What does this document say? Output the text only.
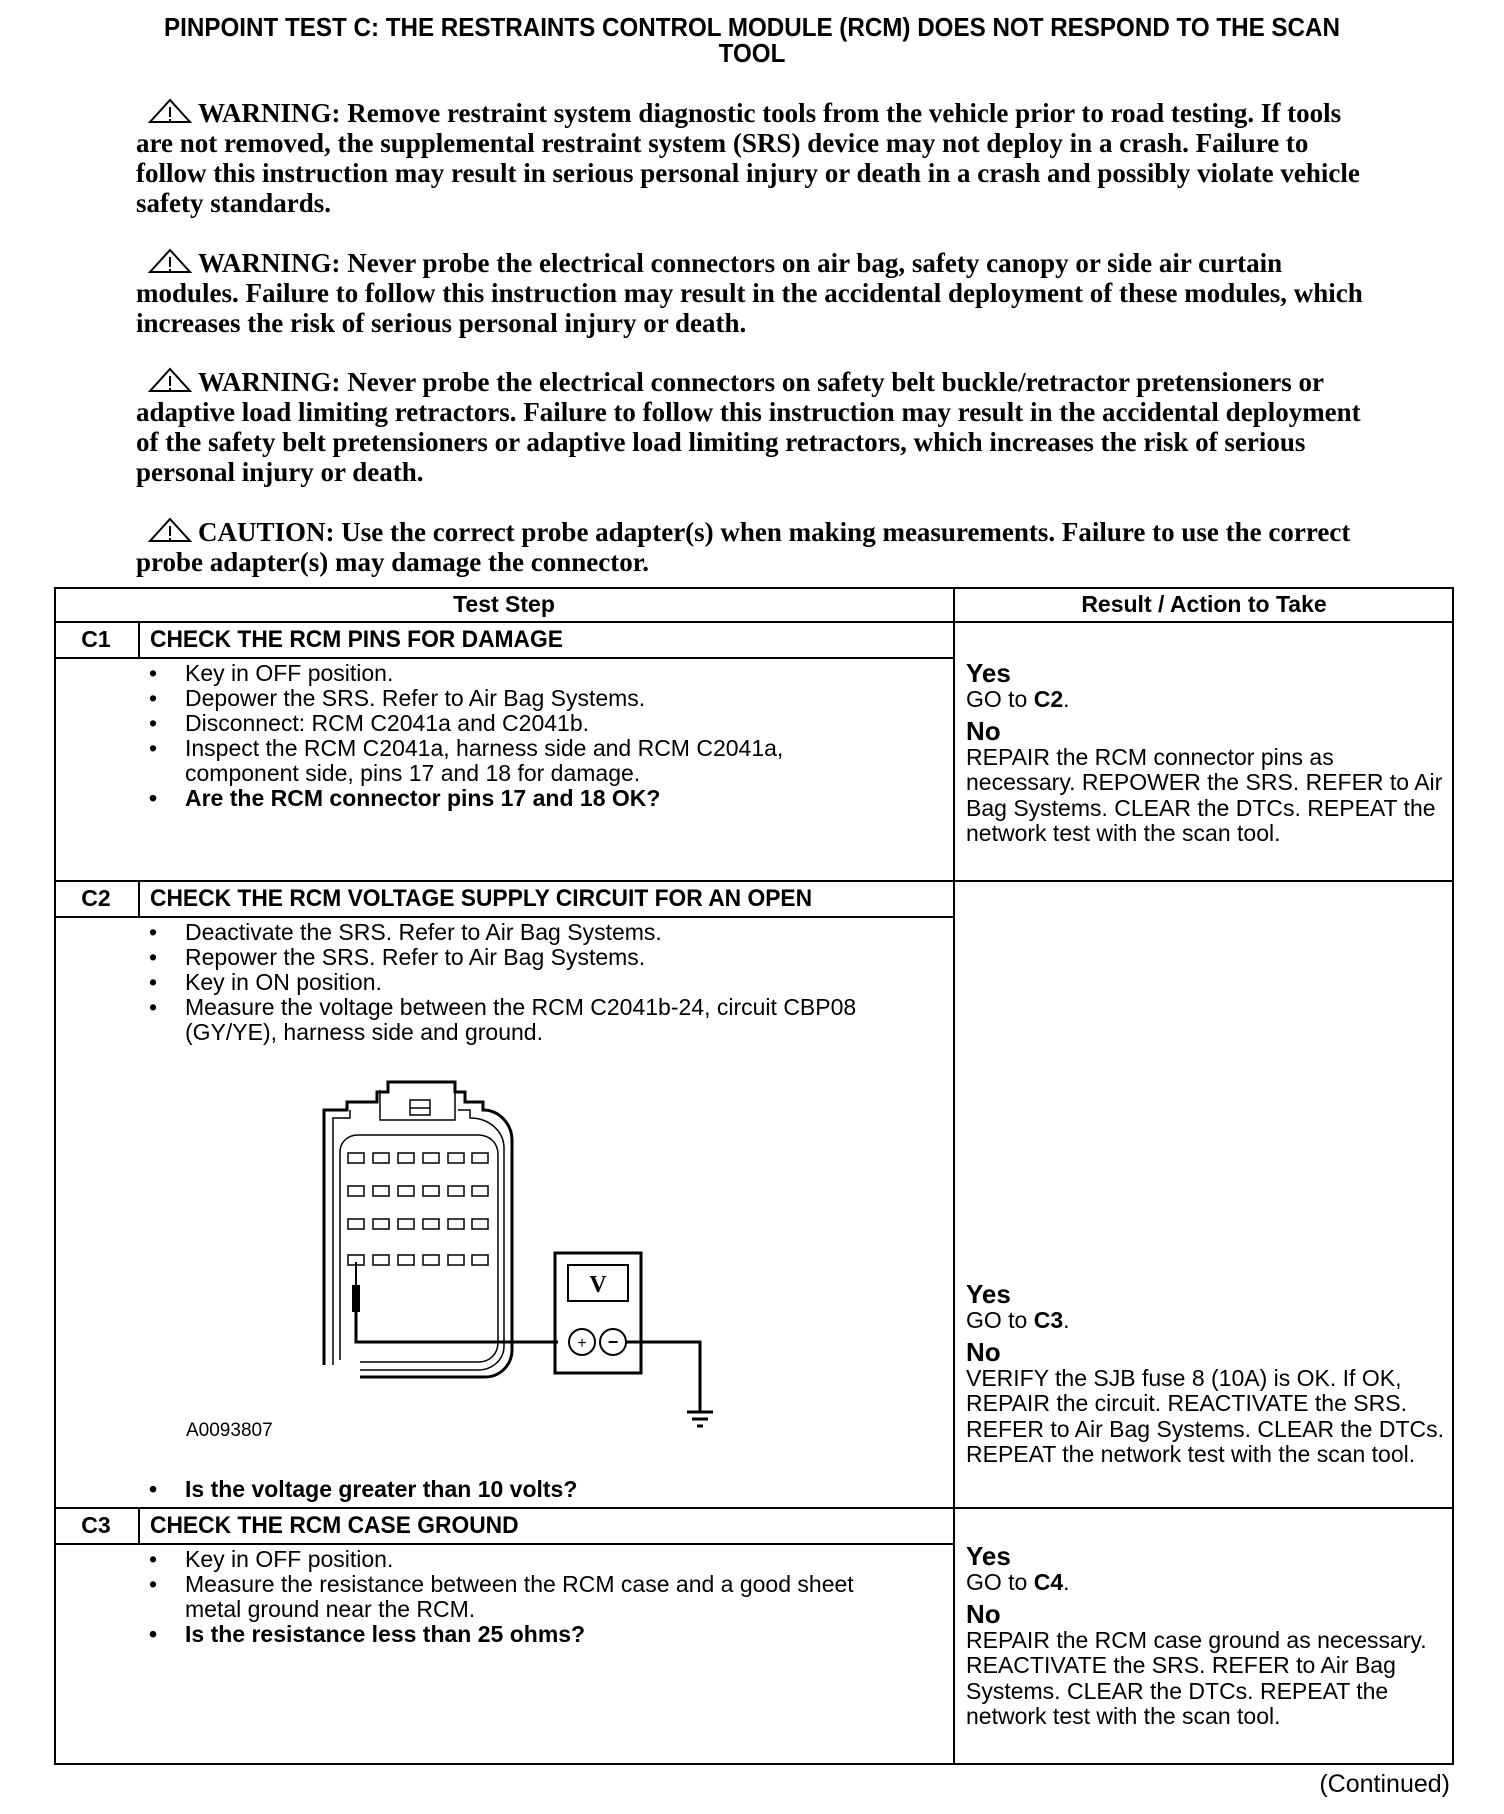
PINPOINT TEST C: THE RESTRAINTS CONTROL MODULE (RCM) DOES NOT RESPOND TO THE SCAN
TOOL
WARNING: Remove restraint system diagnostic tools from the vehicle prior to road testing. If tools are not removed, the supplemental restraint system (SRS) device may not deploy in a crash. Failure to follow this instruction may result in serious personal injury or death in a crash and possibly violate vehicle safety standards.
WARNING: Never probe the electrical connectors on air bag, safety canopy or side air curtain modules. Failure to follow this instruction may result in the accidental deployment of these modules, which increases the risk of serious personal injury or death.
WARNING: Never probe the electrical connectors on safety belt buckle/retractor pretensioners or adaptive load limiting retractors. Failure to follow this instruction may result in the accidental deployment of the safety belt pretensioners or adaptive load limiting retractors, which increases the risk of serious personal injury or death.
CAUTION: Use the correct probe adapter(s) when making measurements. Failure to use the correct probe adapter(s) may damage the connector.
Test Step	Result / Action to Take
C1	CHECK THE RCM PINS FOR DAMAGE
• Key in OFF position.
• Depower the SRS. Refer to Air Bag Systems.
• Disconnect: RCM C2041a and C2041b.
• Inspect the RCM C2041a, harness side and RCM C2041a, component side, pins 17 and 18 for damage.
• Are the RCM connector pins 17 and 18 OK?
Yes
GO to C2.
No
REPAIR the RCM connector pins as necessary. REPOWER the SRS. REFER to Air Bag Systems. CLEAR the DTCs. REPEAT the network test with the scan tool.
C2	CHECK THE RCM VOLTAGE SUPPLY CIRCUIT FOR AN OPEN
• Deactivate the SRS. Refer to Air Bag Systems.
• Repower the SRS. Refer to Air Bag Systems.
• Key in ON position.
• Measure the voltage between the RCM C2041b-24, circuit CBP08 (GY/YE), harness side and ground.
V
+ −
A0093807
• Is the voltage greater than 10 volts?
Yes
GO to C3.
No
VERIFY the SJB fuse 8 (10A) is OK. If OK, REPAIR the circuit. REACTIVATE the SRS. REFER to Air Bag Systems. CLEAR the DTCs. REPEAT the network test with the scan tool.
C3	CHECK THE RCM CASE GROUND
• Key in OFF position.
• Measure the resistance between the RCM case and a good sheet metal ground near the RCM.
• Is the resistance less than 25 ohms?
Yes
GO to C4.
No
REPAIR the RCM case ground as necessary. REACTIVATE the SRS. REFER to Air Bag Systems. CLEAR the DTCs. REPEAT the network test with the scan tool.
(Continued)
